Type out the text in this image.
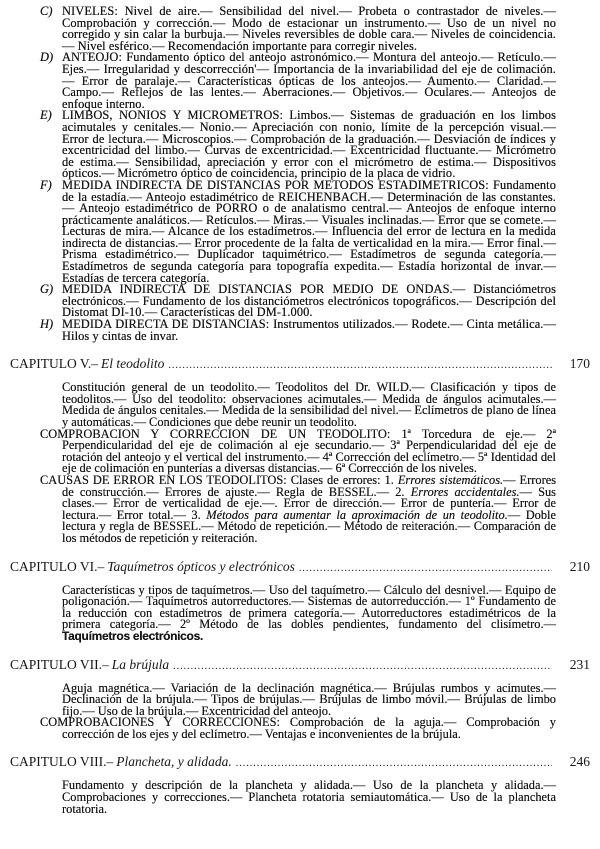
C) NIVELES: Nivel de aire.— Sensibilidad del nivel.— Probeta o contrastador de niveles.— Comprobación y corrección.— Modo de estacionar un instrumento.— Uso de un nivel no corregido y sin calar la burbuja.— Niveles reversibles de doble cara.— Niveles de coincidencia.— Nivel esférico.— Recomendación importante para corregir niveles.
D) ANTEOJO: Fundamento óptico del anteojo astronómico.— Montura del anteojo.— Retículo.— Ejes.— Irregularidad y descorrección'— Importancia de la invariabilidad del eje de colimación.— Error de paralaje.— Características ópticas de los anteojos.— Aumento.— Claridad.— Campo.— Reflejos de las lentes.— Aberraciones.— Objetivos.— Oculares.— Anteojos de enfoque interno.
E) LIMBOS, NONIOS Y MICROMETROS: Limbos.— Sistemas de graduación en los limbos acimutales y cenitales.— Nonio.— Apreciación con nonio, límite de la percepción visual.— Error de lectura.— Microscopios.— Comprobación de la graduación.— Desviación de índices y excentricidad del limbo.— Curvas de excentricidad.— Excentricidad fluctuante.— Micrómetro de estima.— Sensibilidad, apreciación y error con el micrómetro de estima.— Dispositivos ópticos.— Micrómetro óptico de coincidencia, principio de la placa de vidrio.
F) MEDIDA INDIRECTA DE DISTANCIAS POR METODOS ESTADIMETRICOS: Fundamento de la estadía.— Anteojo estadimétrico de REICHENBACH.— Determinación de las constantes.— Anteojo estadimétrico de PORRO o de analatismo central.— Anteojos de enfoque interno prácticamente analáticos.— Retículos.— Miras.— Visuales inclinadas.— Error que se comete.— Lecturas de mira.— Alcance de los estadímetros.— Influencia del error de lectura en la medida indirecta de distancias.— Error procedente de la falta de verticalidad en la mira.— Error final.— Prisma estadimétrico.— Duplicador taquimétrico.— Estadímetros de segunda categoría.— Estadímetros de segunda categoría para topografía expedita.— Estadía horizontal de invar.— Estadías de tercera categoría.
G) MEDIDA INDIRECTA DE DISTANCIAS POR MEDIO DE ONDAS.— Distanciómetros electrónicos.— Fundamento de los distanciómetros electrónicos topográficos.— Descripción del Distomat DI-10.— Características del DM-1.000.
H) MEDIDA DIRECTA DE DISTANCIAS: Instrumentos utilizados.— Rodete.— Cinta metálica.— Hilos y cintas de invar.
CAPITULO V.– El teodolito .....	170
Constitución general de un teodolito.— Teodolitos del Dr. WILD.— Clasificación y tipos de teodolitos.— Uso del teodolito: observaciones acimutales.— Medida de ángulos acimutales.— Medida de ángulos cenitales.— Medida de la sensibilidad del nivel.— Eclímetros de plano de línea y automáticas.— Condiciones que debe reunir un teodolito.
COMPROBACION Y CORRECCION DE UN TEODOLITO: 1ª Torcedura de eje.— 2ª Perpendicularidad del eje de colimación al eje secundario.— 3ª Perpendicularidad del eje de rotación del anteojo y el vertical del instrumento.— 4ª Corrección del eclímetro.— 5ª Identidad del eje de colimación en punterías a diversas distancias.— 6ª Corrección de los niveles.
CAUSAS DE ERROR EN LOS TEODOLITOS: Clases de errores: 1. Errores sistemáticos.— Errores de construcción.— Errores de ajuste.— Regla de BESSEL.— 2. Errores accidentales.— Sus clases.— Error de verticalidad de eje.—. Error de dirección.— Error de puntería.— Error de lectura.— Error total.— 3. Métodos para aumentar la aproximación de un teodolito.— Doble lectura y regla de BESSEL.— Método de repetición.— Método de reiteración.— Comparación de los métodos de repetición y reiteración.
CAPITULO VI.– Taquímetros ópticos y electrónicos .....	210
Características y tipos de taquímetros.— Uso del taquímetro.— Cálculo del desnivel.— Equipo de poligonación.— Taquímetros autorreductores.— Sistemas de autorreducción.— 1º Fundamento de la reducción con estadímetros de primera categoría.— Autorreductores estadimétricos de la primera categoría.— 2º Método de las dobles pendientes, fundamento del clisímetro.—Taquímetros electrónicos.
CAPITULO VII.– La brújula .....	231
Aguja magnética.— Variación de la declinación magnética.— Brújulas rumbos y acimutes.— Declinación de la brújula.— Tipos de brújulas.— Brújulas de limbo móvil.— Brújulas de limbo fijo.— Uso de la brújula.— Excentricidad del anteojo.
COMPROBACIONES Y CORRECCIONES: Comprobación de la aguja.— Comprobación y corrección de los ejes y del eclímetro.— Ventajas e inconvenientes de la brújula.
CAPITULO VIII.– Plancheta, y alidada. .....	246
Fundamento y descripción de la plancheta y alidada.— Uso de la plancheta y alidada.— Comprobaciones y correcciones.— Plancheta rotatoria semiautomática.— Uso de la plancheta rotatoria.
